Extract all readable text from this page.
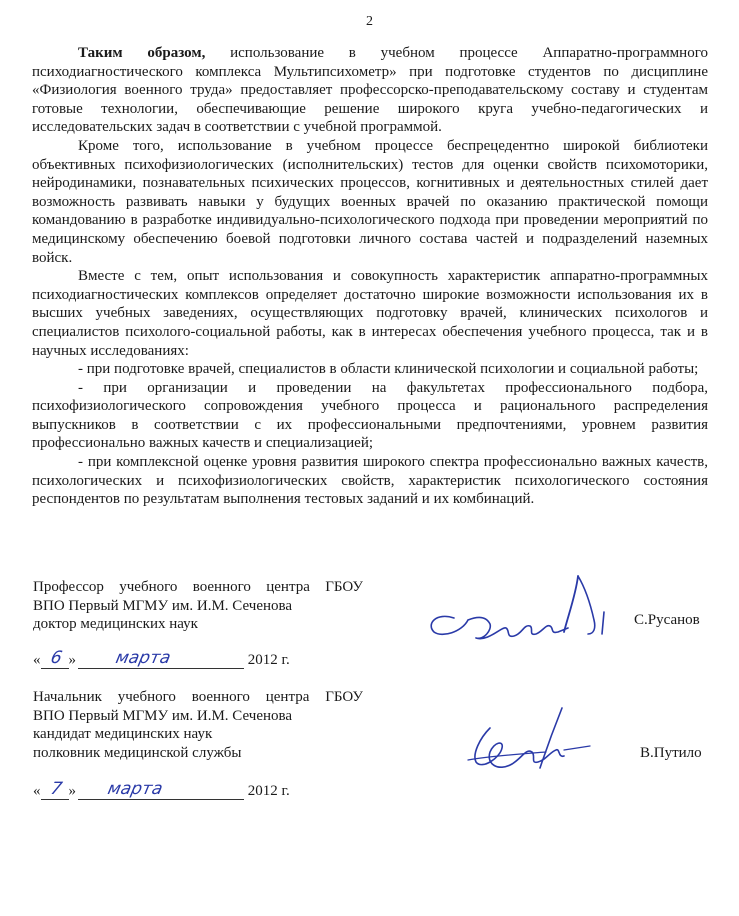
2

Таким образом, использование в учебном процессе Аппаратно-программного психодиагностического комплекса Мультипсихометр» при подготовке студентов по дисциплине «Физиология военного труда» предоставляет профессорско-преподавательскому составу и студентам готовые технологии, обеспечивающие решение широкого круга учебно-педагогических и исследовательских задач в соответствии с учебной программой.

Кроме того, использование в учебном процессе беспрецедентно широкой библиотеки объективных психофизиологических (исполнительских) тестов для оценки свойств психомоторики, нейродинамики, познавательных психических процессов, когнитивных и деятельностных стилей дает возможность развивать навыки у будущих военных врачей по оказанию практической помощи командованию в разработке индивидуально-психологического подхода при проведении мероприятий по медицинскому обеспечению боевой подготовки личного состава частей и подразделений наземных войск.

Вместе с тем, опыт использования и совокупность характеристик аппаратно-программных психодиагностических комплексов определяет достаточно широкие возможности использования их в высших учебных заведениях, осуществляющих подготовку врачей, клинических психологов и специалистов психолого-социальной работы, как в интересах обеспечения учебного процесса, так и в научных исследованиях:

- при подготовке врачей, специалистов в области клинической психологии и социальной работы;

- при организации и проведении на факультетах профессионального подбора, психофизиологического сопровождения учебного процесса и рационального распределения выпускников в соответствии с их профессиональными предпочтениями, уровнем развития профессионально важных качеств и специализацией;

- при комплексной оценке уровня развития широкого спектра профессионально важных качеств, психологических и психофизиологических свойств, характеристик психологического состояния респондентов по результатам выполнения тестовых заданий и их комбинаций.

Профессор учебного военного центра ГБОУ
ВПО Первый МГМУ им. И.М. Сеченова
доктор медицинских наук	С.Русанов
« 6 » марта	2012 г.
Начальник учебного военного центра ГБОУ
ВПО Первый МГМУ им. И.М. Сеченова
кандидат медицинских наук
полковник медицинской службы	В.Путило
« 7 » марта	2012 г.
